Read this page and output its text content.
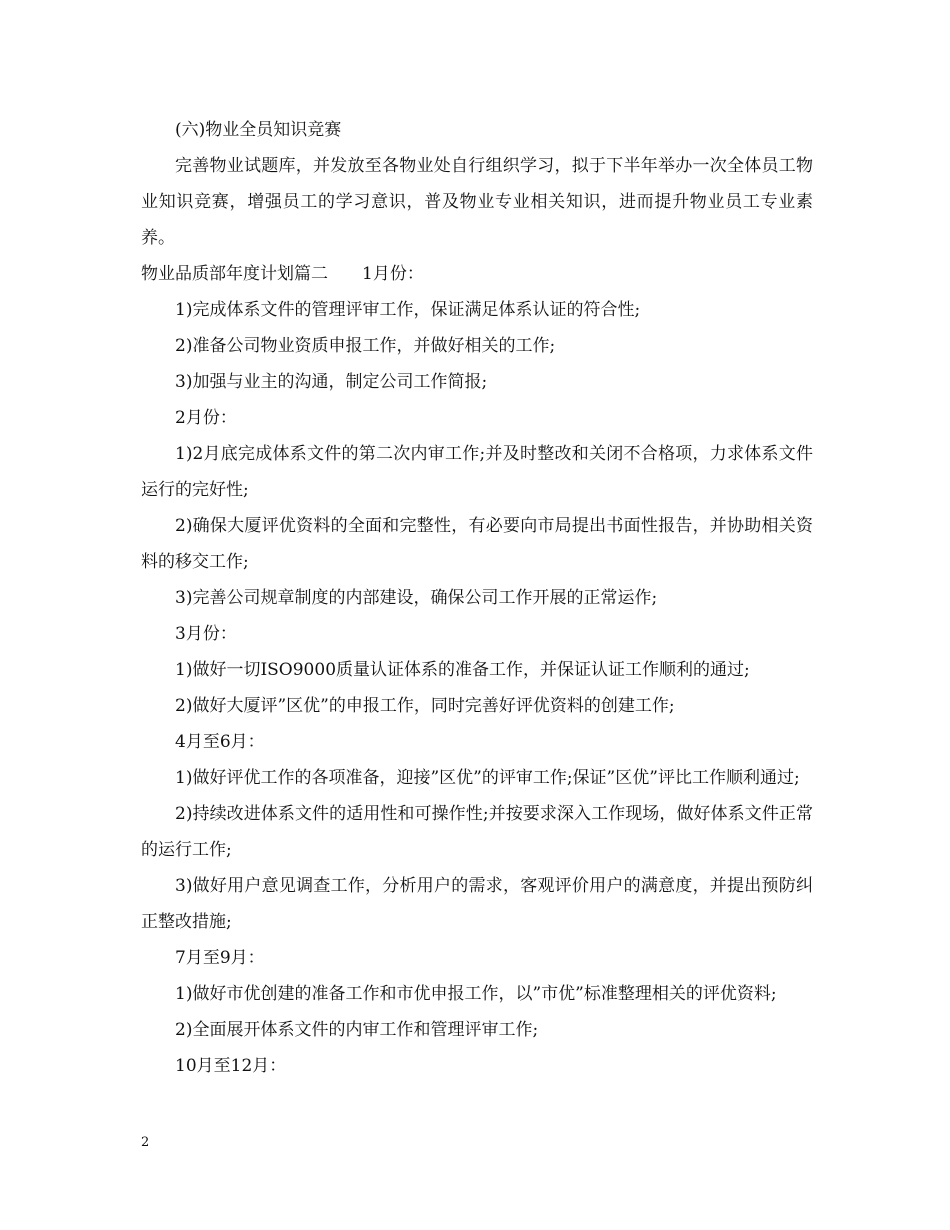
(六)物业全员知识竞赛

完善物业试题库，并发放至各物业处自行组织学习，拟于下半年举办一次全体员工物业知识竞赛，增强员工的学习意识，普及物业专业相关知识，进而提升物业员工专业素养。

物业品质部年度计划篇二 1月份：

1)完成体系文件的管理评审工作，保证满足体系认证的符合性;

2)准备公司物业资质申报工作，并做好相关的工作;

3)加强与业主的沟通，制定公司工作简报;

2月份：

1)2月底完成体系文件的第二次内审工作;并及时整改和关闭不合格项，力求体系文件运行的完好性;

2)确保大厦评优资料的全面和完整性，有必要向市局提出书面性报告，并协助相关资料的移交工作;

3)完善公司规章制度的内部建设，确保公司工作开展的正常运作;

3月份：

1)做好一切ISO9000质量认证体系的准备工作，并保证认证工作顺利的通过;

2)做好大厦评”区优”的申报工作，同时完善好评优资料的创建工作;

4月至6月：

1)做好评优工作的各项准备，迎接”区优”的评审工作;保证”区优”评比工作顺利通过;

2)持续改进体系文件的适用性和可操作性;并按要求深入工作现场，做好体系文件正常的运行工作;

3)做好用户意见调查工作，分析用户的需求，客观评价用户的满意度，并提出预防纠正整改措施;

7月至9月：

1)做好市优创建的准备工作和市优申报工作，以”市优”标准整理相关的评优资料;

2)全面展开体系文件的内审工作和管理评审工作;

10月至12月：

2
